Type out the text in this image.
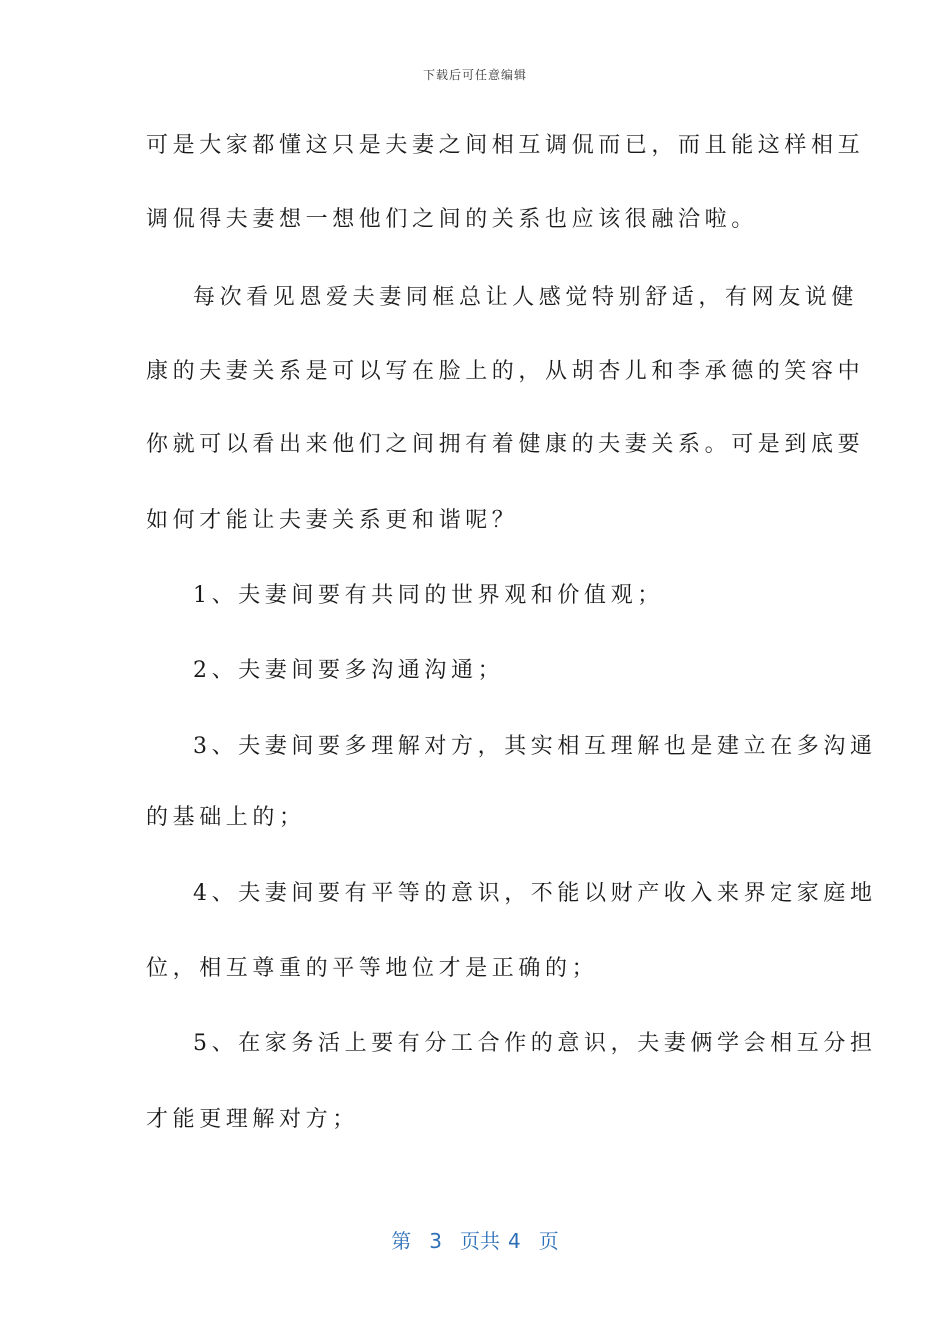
下载后可任意编辑
可是大家都懂这只是夫妻之间相互调侃而已，而且能这样相互
调侃得夫妻想一想他们之间的关系也应该很融洽啦。
每次看见恩爱夫妻同框总让人感觉特别舒适，有网友说健
康的夫妻关系是可以写在脸上的，从胡杏儿和李承德的笑容中
你就可以看出来他们之间拥有着健康的夫妻关系。可是到底要
如何才能让夫妻关系更和谐呢？
1、夫妻间要有共同的世界观和价值观；
2、夫妻间要多沟通沟通；
3、夫妻间要多理解对方，其实相互理解也是建立在多沟通
的基础上的；
4、夫妻间要有平等的意识，不能以财产收入来界定家庭地
位，相互尊重的平等地位才是正确的；
5、在家务活上要有分工合作的意识，夫妻俩学会相互分担
才能更理解对方；
第 3 页共 4 页
